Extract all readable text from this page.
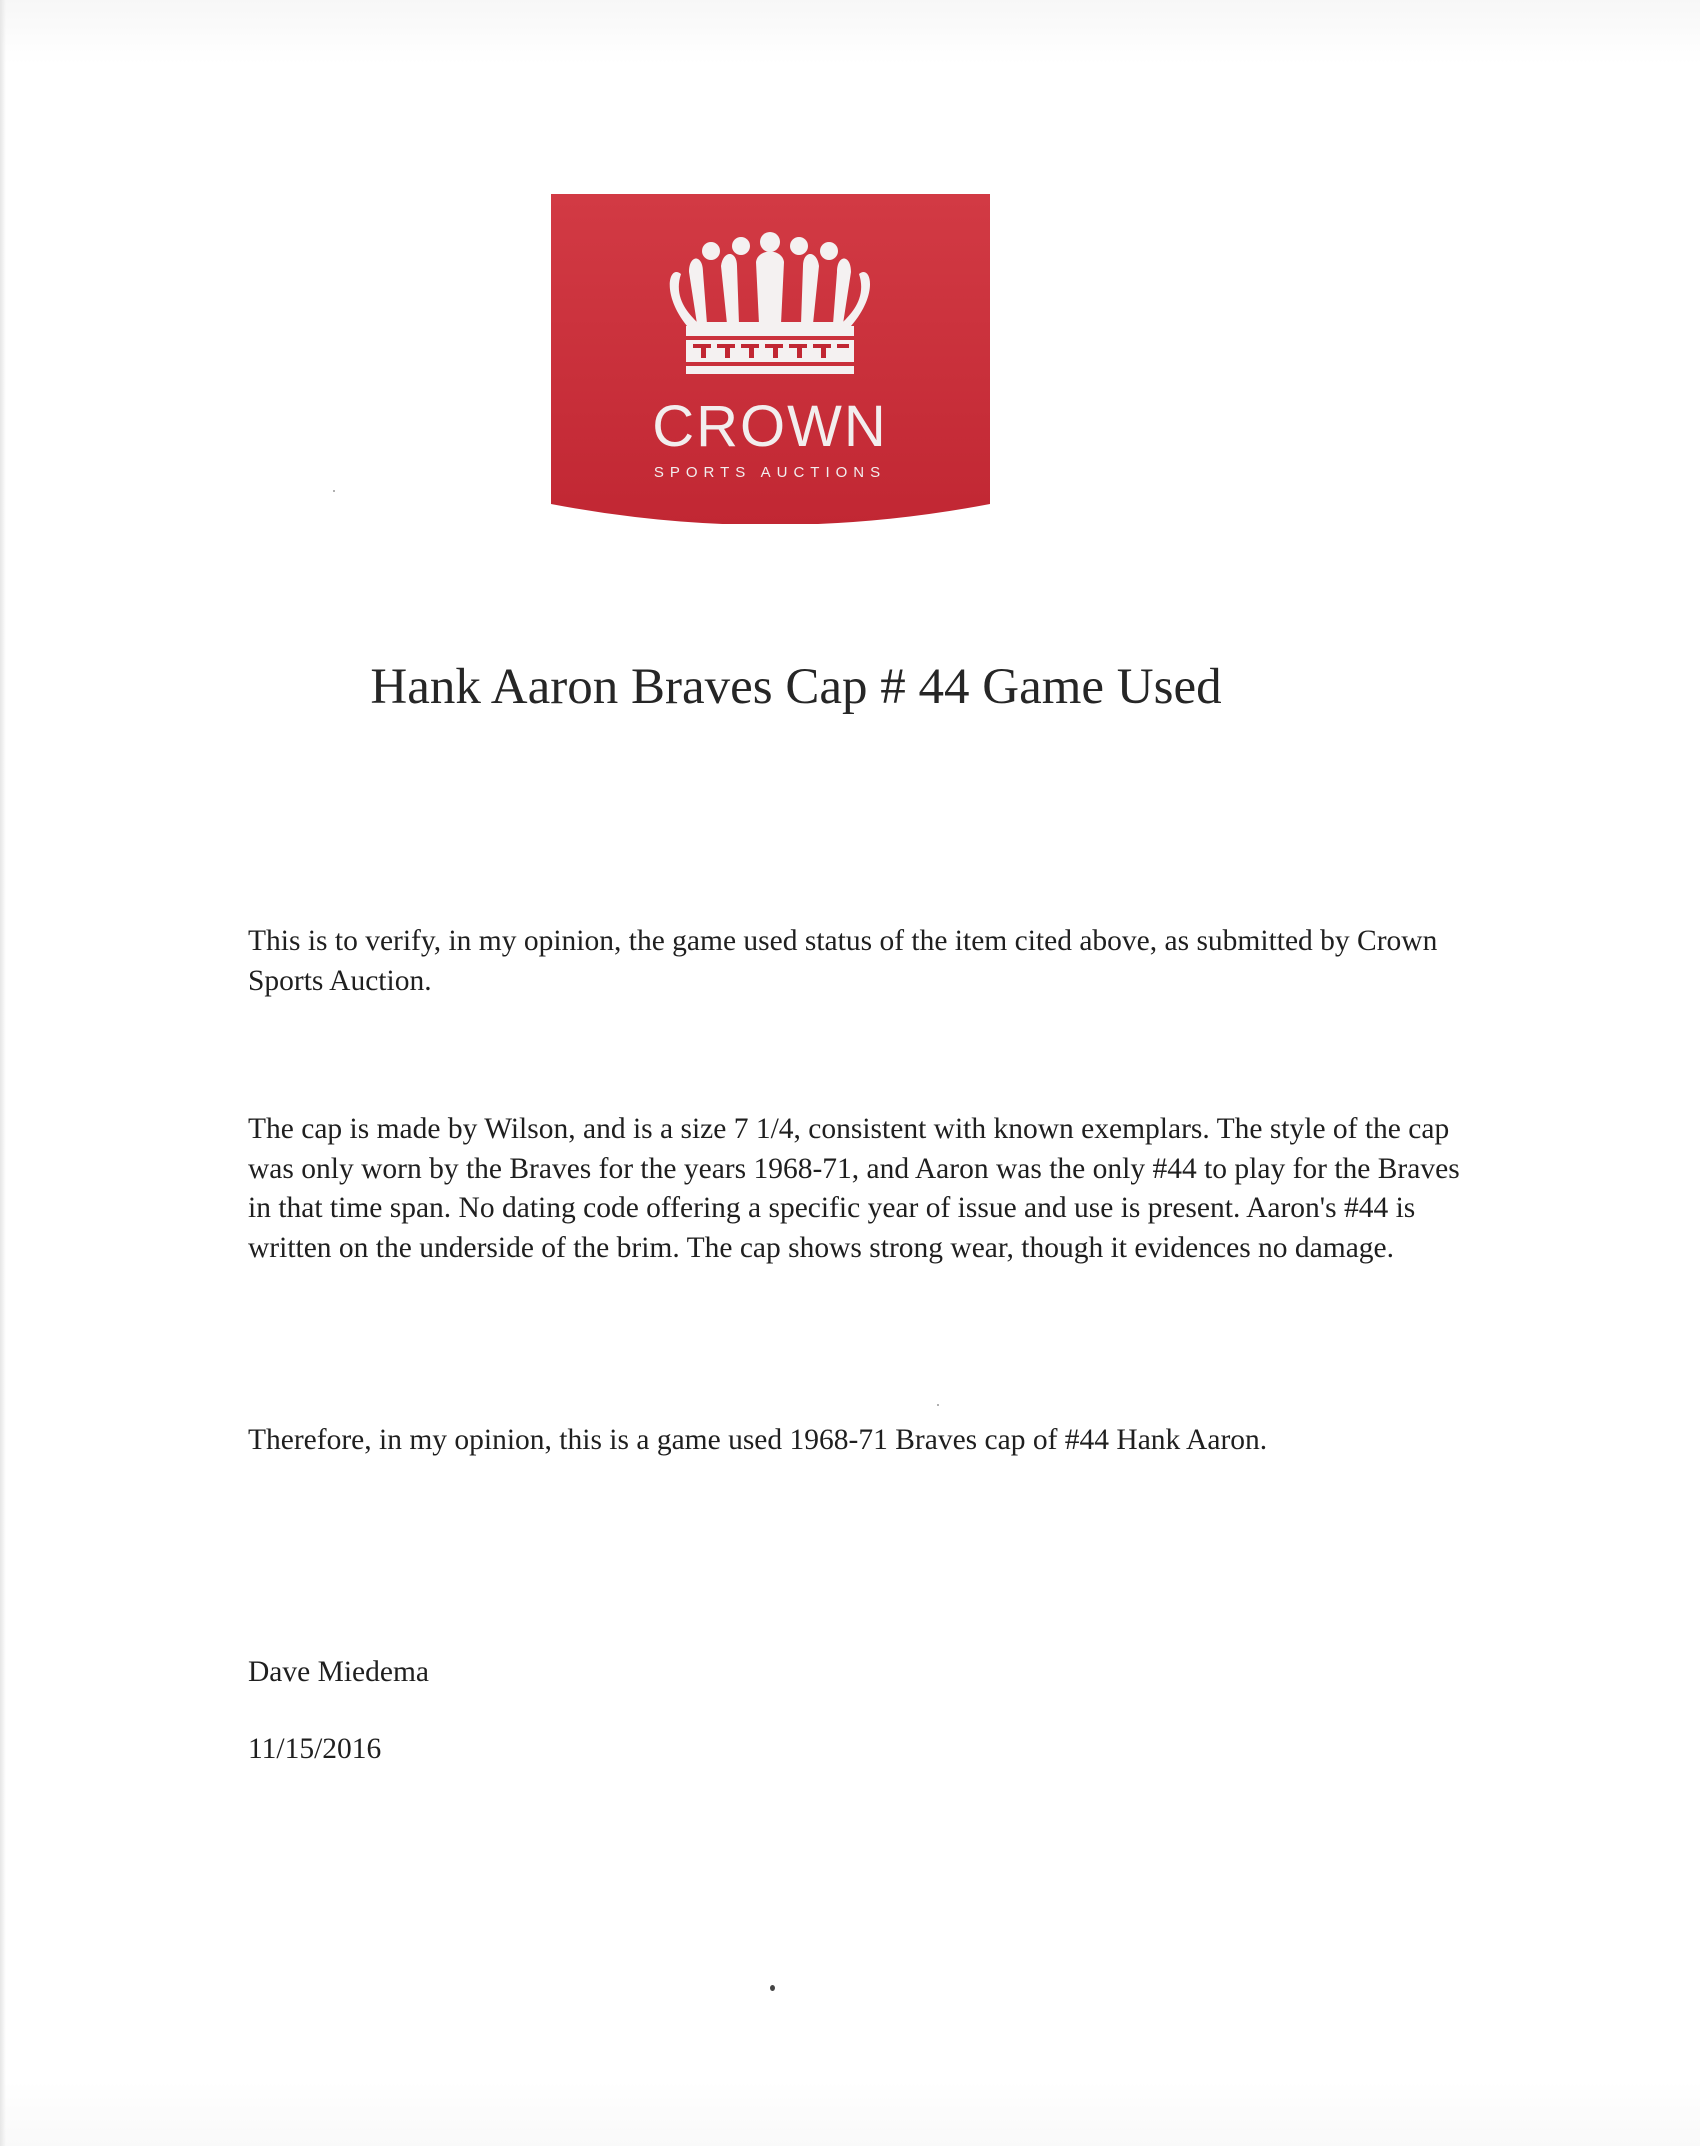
CROWN
SPORTS AUCTIONS
Hank Aaron Braves Cap # 44 Game Used

This is to verify, in my opinion, the game used status of the item cited above, as submitted by Crown Sports Auction.

The cap is made by Wilson, and is a size 7 1/4, consistent with known exemplars. The style of the cap was only worn by the Braves for the years 1968-71, and Aaron was the only #44 to play for the Braves in that time span. No dating code offering a specific year of issue and use is present. Aaron's #44 is written on the underside of the brim. The cap shows strong wear, though it evidences no damage.

Therefore, in my opinion, this is a game used 1968-71 Braves cap of #44 Hank Aaron.

Dave Miedema

11/15/2016
